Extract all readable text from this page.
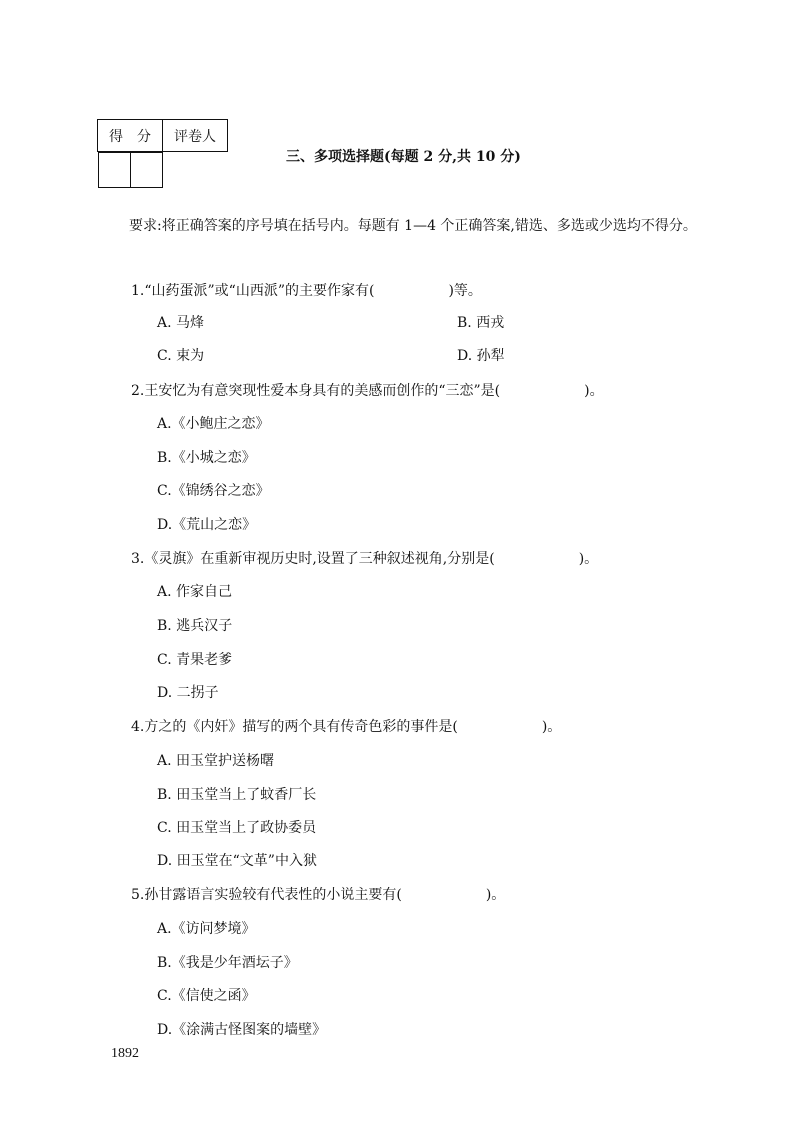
得　分	评卷人

三、多项选择题(每题 2 分,共 10 分)
要求:将正确答案的序号填在括号内。每题有 1—4 个正确答案,错选、多选或少选均不得分。
1.“山药蛋派”或“山西派”的主要作家有(	)等。
A. 马烽	B. 西戎
C. 束为	D. 孙犁
2.王安忆为有意突现性爱本身具有的美感而创作的“三恋”是(	)。
A.《小鲍庄之恋》
B.《小城之恋》
C.《锦绣谷之恋》
D.《荒山之恋》
3.《灵旗》在重新审视历史时,设置了三种叙述视角,分别是(	)。
A. 作家自己
B. 逃兵汉子
C. 青果老爹
D. 二拐子
4.方之的《内奸》描写的两个具有传奇色彩的事件是(	)。
A. 田玉堂护送杨曙
B. 田玉堂当上了蚊香厂长
C. 田玉堂当上了政协委员
D. 田玉堂在“文革”中入狱
5.孙甘露语言实验较有代表性的小说主要有(	)。
A.《访问梦境》
B.《我是少年酒坛子》
C.《信使之函》
D.《涂满古怪图案的墙壁》
1892
